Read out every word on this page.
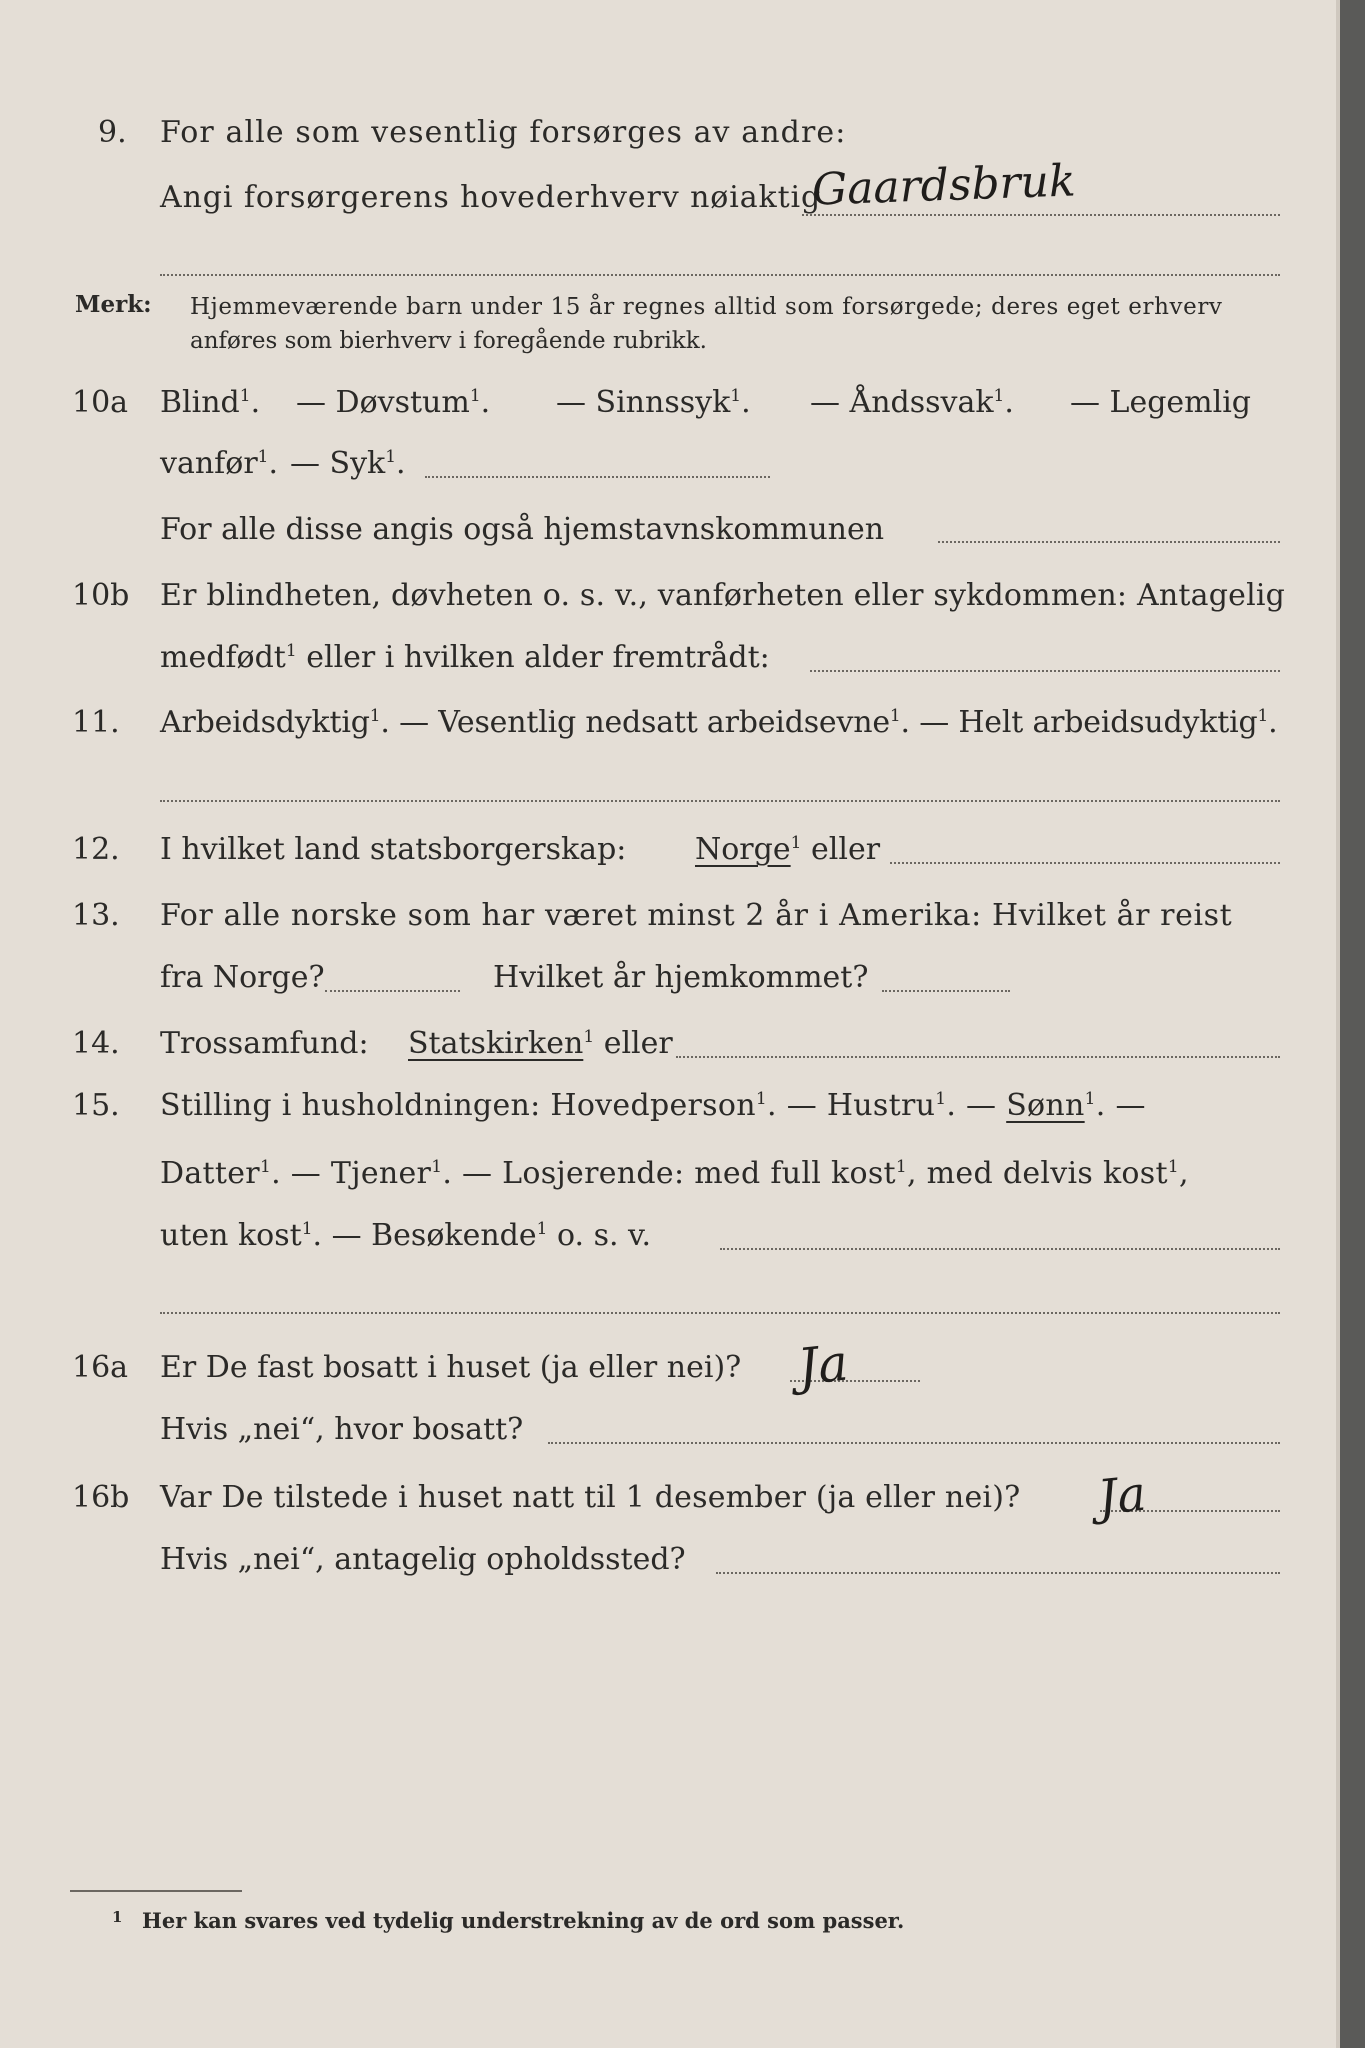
9. For alle som vesentlig forsørges av andre:
Angi forsørgerens hovederhverv nøiaktig
Gaardsbruk
Merk: Hjemmeværende barn under 15 år regnes alltid som forsørgede; deres eget erhverv
anføres som bierhverv i foregående rubrikk.
10a Blind$^1$. — Døvstum$^1$. — Sinnssyk$^1$. — Åndssvak$^1$. — Legemlig
vanfør$^1$. — Syk$^1$.
For alle disse angis også hjemstavnskommunen
10b Er blindheten, døvheten o. s. v., vanførheten eller sykdommen: Antagelig
medfødt$^1$ eller i hvilken alder fremtrådt:
11. Arbeidsdyktig$^1$. — Vesentlig nedsatt arbeidsevne$^1$. — Helt arbeidsudyktig$^1$.
12. I hvilket land statsborgerskap: Norge$^1$ eller
13. For alle norske som har været minst 2 år i Amerika: Hvilket år reist
fra Norge?	Hvilket år hjemkommet?
14. Trossamfund: Statskirken$^1$ eller
15. Stilling i husholdningen: Hovedperson$^1$. — Hustru$^1$. — Sønn$^1$. —
Datter$^1$. — Tjener$^1$. — Losjerende: med full kost$^1$, med delvis kost$^1$,
uten kost$^1$. — Besøkende$^1$ o. s. v.
16a Er De fast bosatt i huset (ja eller nei)? Ja
Hvis „nei“, hvor bosatt?
16b Var De tilstede i huset natt til 1 desember (ja eller nei)? Ja
Hvis „nei“, antagelig opholdssted?
1 Her kan svares ved tydelig understrekning av de ord som passer.
